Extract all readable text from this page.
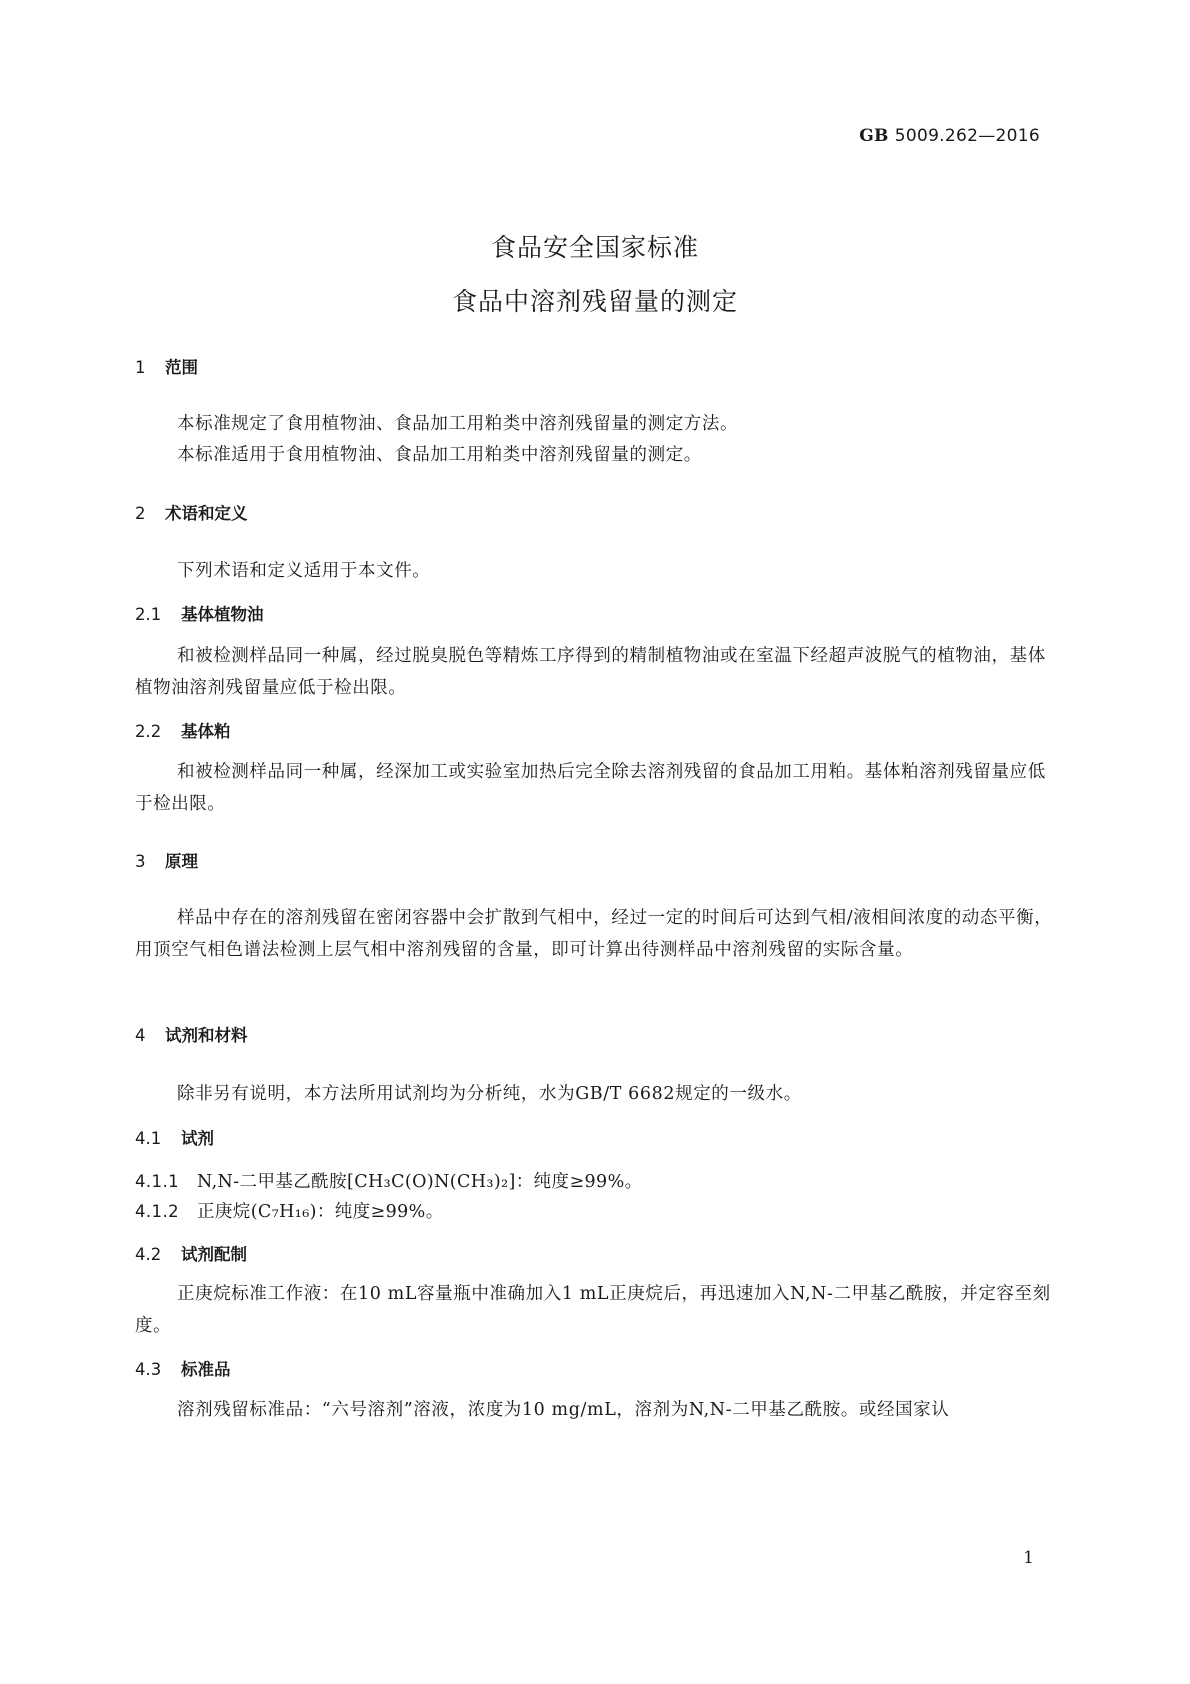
GB 5009.262—2016
食品安全国家标准
食品中溶剂残留量的测定
1 范围
本标准规定了食用植物油、食品加工用粕类中溶剂残留量的测定方法。
本标准适用于食用植物油、食品加工用粕类中溶剂残留量的测定。
2 术语和定义
下列术语和定义适用于本文件。
2.1 基体植物油
和被检测样品同一种属，经过脱臭脱色等精炼工序得到的精制植物油或在室温下经超声波脱气的植物油，基体植物油溶剂残留量应低于检出限。
2.2 基体粕
和被检测样品同一种属，经深加工或实验室加热后完全除去溶剂残留的食品加工用粕。基体粕溶剂残留量应低于检出限。
3 原理
样品中存在的溶剂残留在密闭容器中会扩散到气相中，经过一定的时间后可达到气相/液相间浓度的动态平衡，用顶空气相色谱法检测上层气相中溶剂残留的含量，即可计算出待测样品中溶剂残留的实际含量。
4 试剂和材料
除非另有说明，本方法所用试剂均为分析纯，水为GB/T 6682规定的一级水。
4.1 试剂
4.1.1 N,N-二甲基乙酰胺[CH₃C(O)N(CH₃)₂]：纯度≥99%。
4.1.2 正庚烷(C₇H₁₆)：纯度≥99%。
4.2 试剂配制
正庚烷标准工作液：在10 mL容量瓶中准确加入1 mL正庚烷后，再迅速加入N,N-二甲基乙酰胺，并定容至刻度。
4.3 标准品
溶剂残留标准品：“六号溶剂”溶液，浓度为10 mg/mL，溶剂为N,N-二甲基乙酰胺。或经国家认
1
